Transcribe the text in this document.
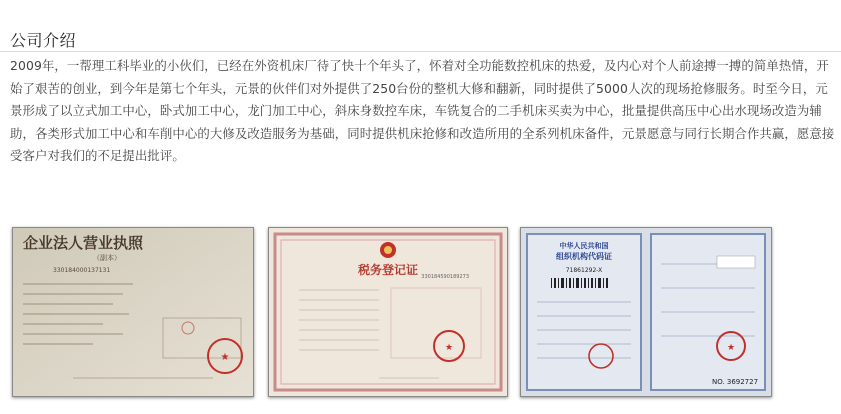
公司介绍

2009年，一帮理工科毕业的小伙们，已经在外资机床厂待了快十个年头了，怀着对全功能数控机床的热爱，及内心对个人前途搏一搏的简单热情，开始了艰苦的创业，到今年是第七个年头，元景的伙伴们对外提供了250台份的整机大修和翻新，同时提供了5000人次的现场抢修服务。时至今日，元景形成了以立式加工中心，卧式加工中心，龙门加工中心，斜床身数控车床，车铣复合的二手机床买卖为中心，批量提供高压中心出水现场改造为辅助，各类形式加工中心和车削中心的大修及改造服务为基础，同时提供机床抢修和改造所用的全系列机床备件，元景愿意与同行长期合作共赢，愿意接受客户对我们的不足提出批评。

企业法人营业执照
（副本）
330184000137131
★
税务登记证 330184590189273
★
中华人民共和国
组织机构代码证
71861292-X
★
NO. 3692727
